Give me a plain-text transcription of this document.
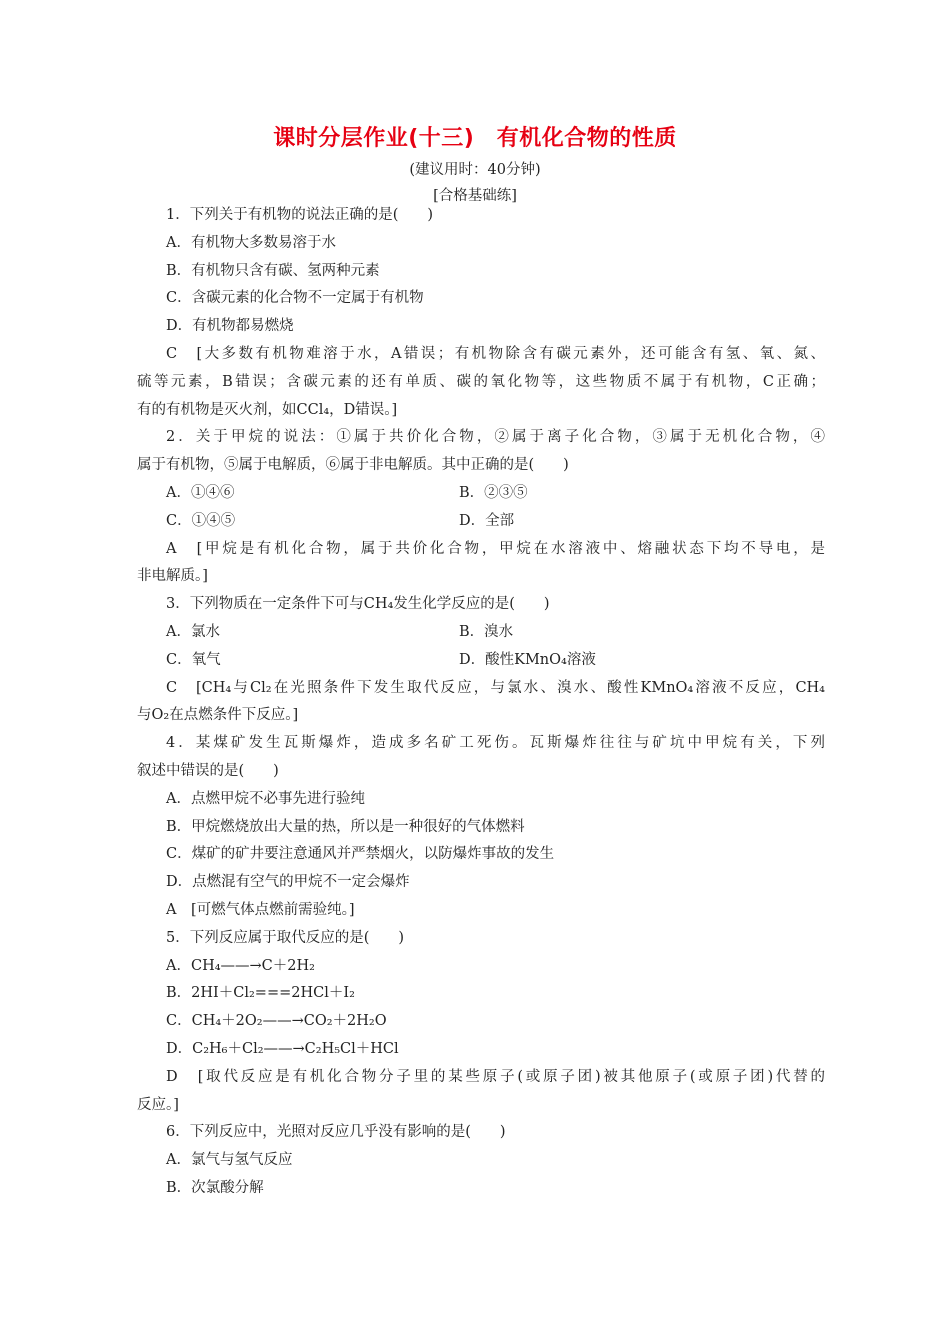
课时分层作业(十三)　有机化合物的性质
(建议用时：40分钟)
[合格基础练]

1．下列关于有机物的说法正确的是(　　)

A．有机物大多数易溶于水

B．有机物只含有碳、氢两种元素

C．含碳元素的化合物不一定属于有机物

D．有机物都易燃烧

C　[大多数有机物难溶于水，A错误；有机物除含有碳元素外，还可能含有氢、氧、氮、

硫等元素，B错误；含碳元素的还有单质、碳的氧化物等，这些物质不属于有机物，C正确；

有的有机物是灭火剂，如CCl₄，D错误。]

2．关于甲烷的说法：①属于共价化合物，②属于离子化合物，③属于无机化合物，④

属于有机物，⑤属于电解质，⑥属于非电解质。其中正确的是(　　)

A．①④⑥	B．②③⑤
C．①④⑤	D．全部

A　[甲烷是有机化合物，属于共价化合物，甲烷在水溶液中、熔融状态下均不导电，是

非电解质。]

3．下列物质在一定条件下可与CH₄发生化学反应的是(　　)

A．氯水	B．溴水
C．氧气	D．酸性KMnO₄溶液

C　[CH₄与Cl₂在光照条件下发生取代反应，与氯水、溴水、酸性KMnO₄溶液不反应，CH₄

与O₂在点燃条件下反应。]

4．某煤矿发生瓦斯爆炸，造成多名矿工死伤。瓦斯爆炸往往与矿坑中甲烷有关，下列

叙述中错误的是(　　)

A．点燃甲烷不必事先进行验纯

B．甲烷燃烧放出大量的热，所以是一种很好的气体燃料

C．煤矿的矿井要注意通风并严禁烟火，以防爆炸事故的发生

D．点燃混有空气的甲烷不一定会爆炸

A　[可燃气体点燃前需验纯。]

5．下列反应属于取代反应的是(　　)

A．CH₄——→C＋2H₂

B．2HI＋Cl₂===2HCl＋I₂

C．CH₄＋2O₂——→CO₂＋2H₂O

D．C₂H₆＋Cl₂——→C₂H₅Cl＋HCl

D　[取代反应是有机化合物分子里的某些原子(或原子团)被其他原子(或原子团)代替的

反应。]

6．下列反应中，光照对反应几乎没有影响的是(　　)

A．氯气与氢气反应

B．次氯酸分解
